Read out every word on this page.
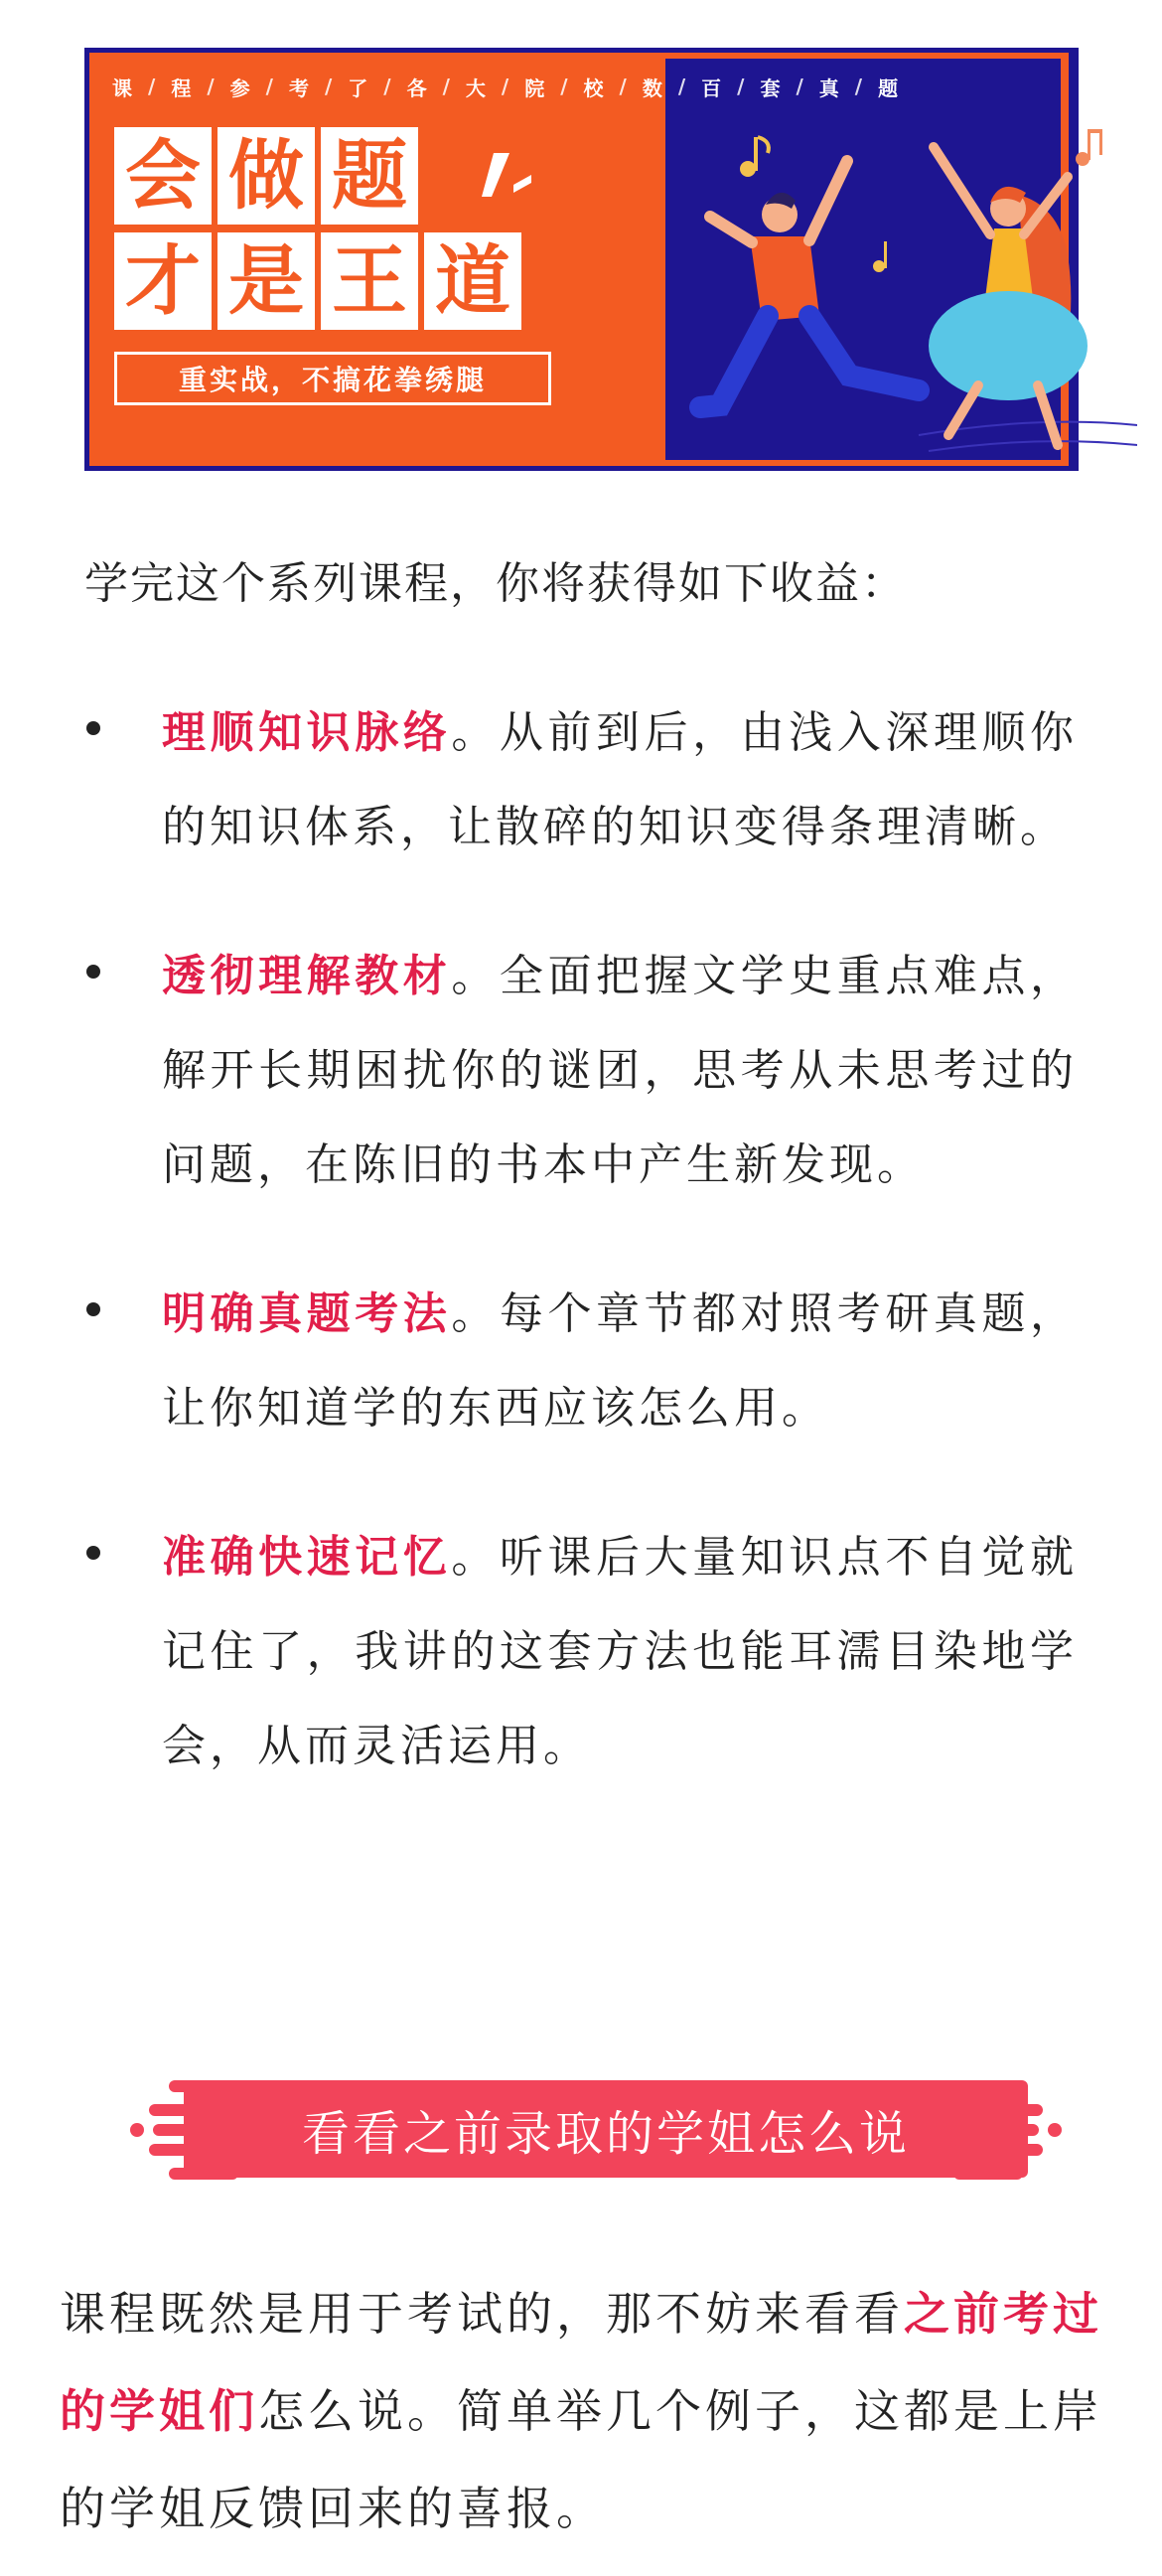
课 / 程 / 参 / 考 / 了 / 各 / 大 / 院 / 校 / 数 / 百 / 套 / 真 / 题
会 做 题
才 是 王 道
重实战，不搞花拳绣腿
学完这个系列课程，你将获得如下收益：
理顺知识脉络。从前到后，由浅入深理顺你的知识体系，让散碎的知识变得条理清晰。
透彻理解教材。全面把握文学史重点难点，解开长期困扰你的谜团，思考从未思考过的问题，在陈旧的书本中产生新发现。
明确真题考法。每个章节都对照考研真题，让你知道学的东西应该怎么用。
准确快速记忆。听课后大量知识点不自觉就记住了，我讲的这套方法也能耳濡目染地学会，从而灵活运用。
看看之前录取的学姐怎么说
课程既然是用于考试的，那不妨来看看之前考过的学姐们怎么说。简单举几个例子，这都是上岸的学姐反馈回来的喜报。
